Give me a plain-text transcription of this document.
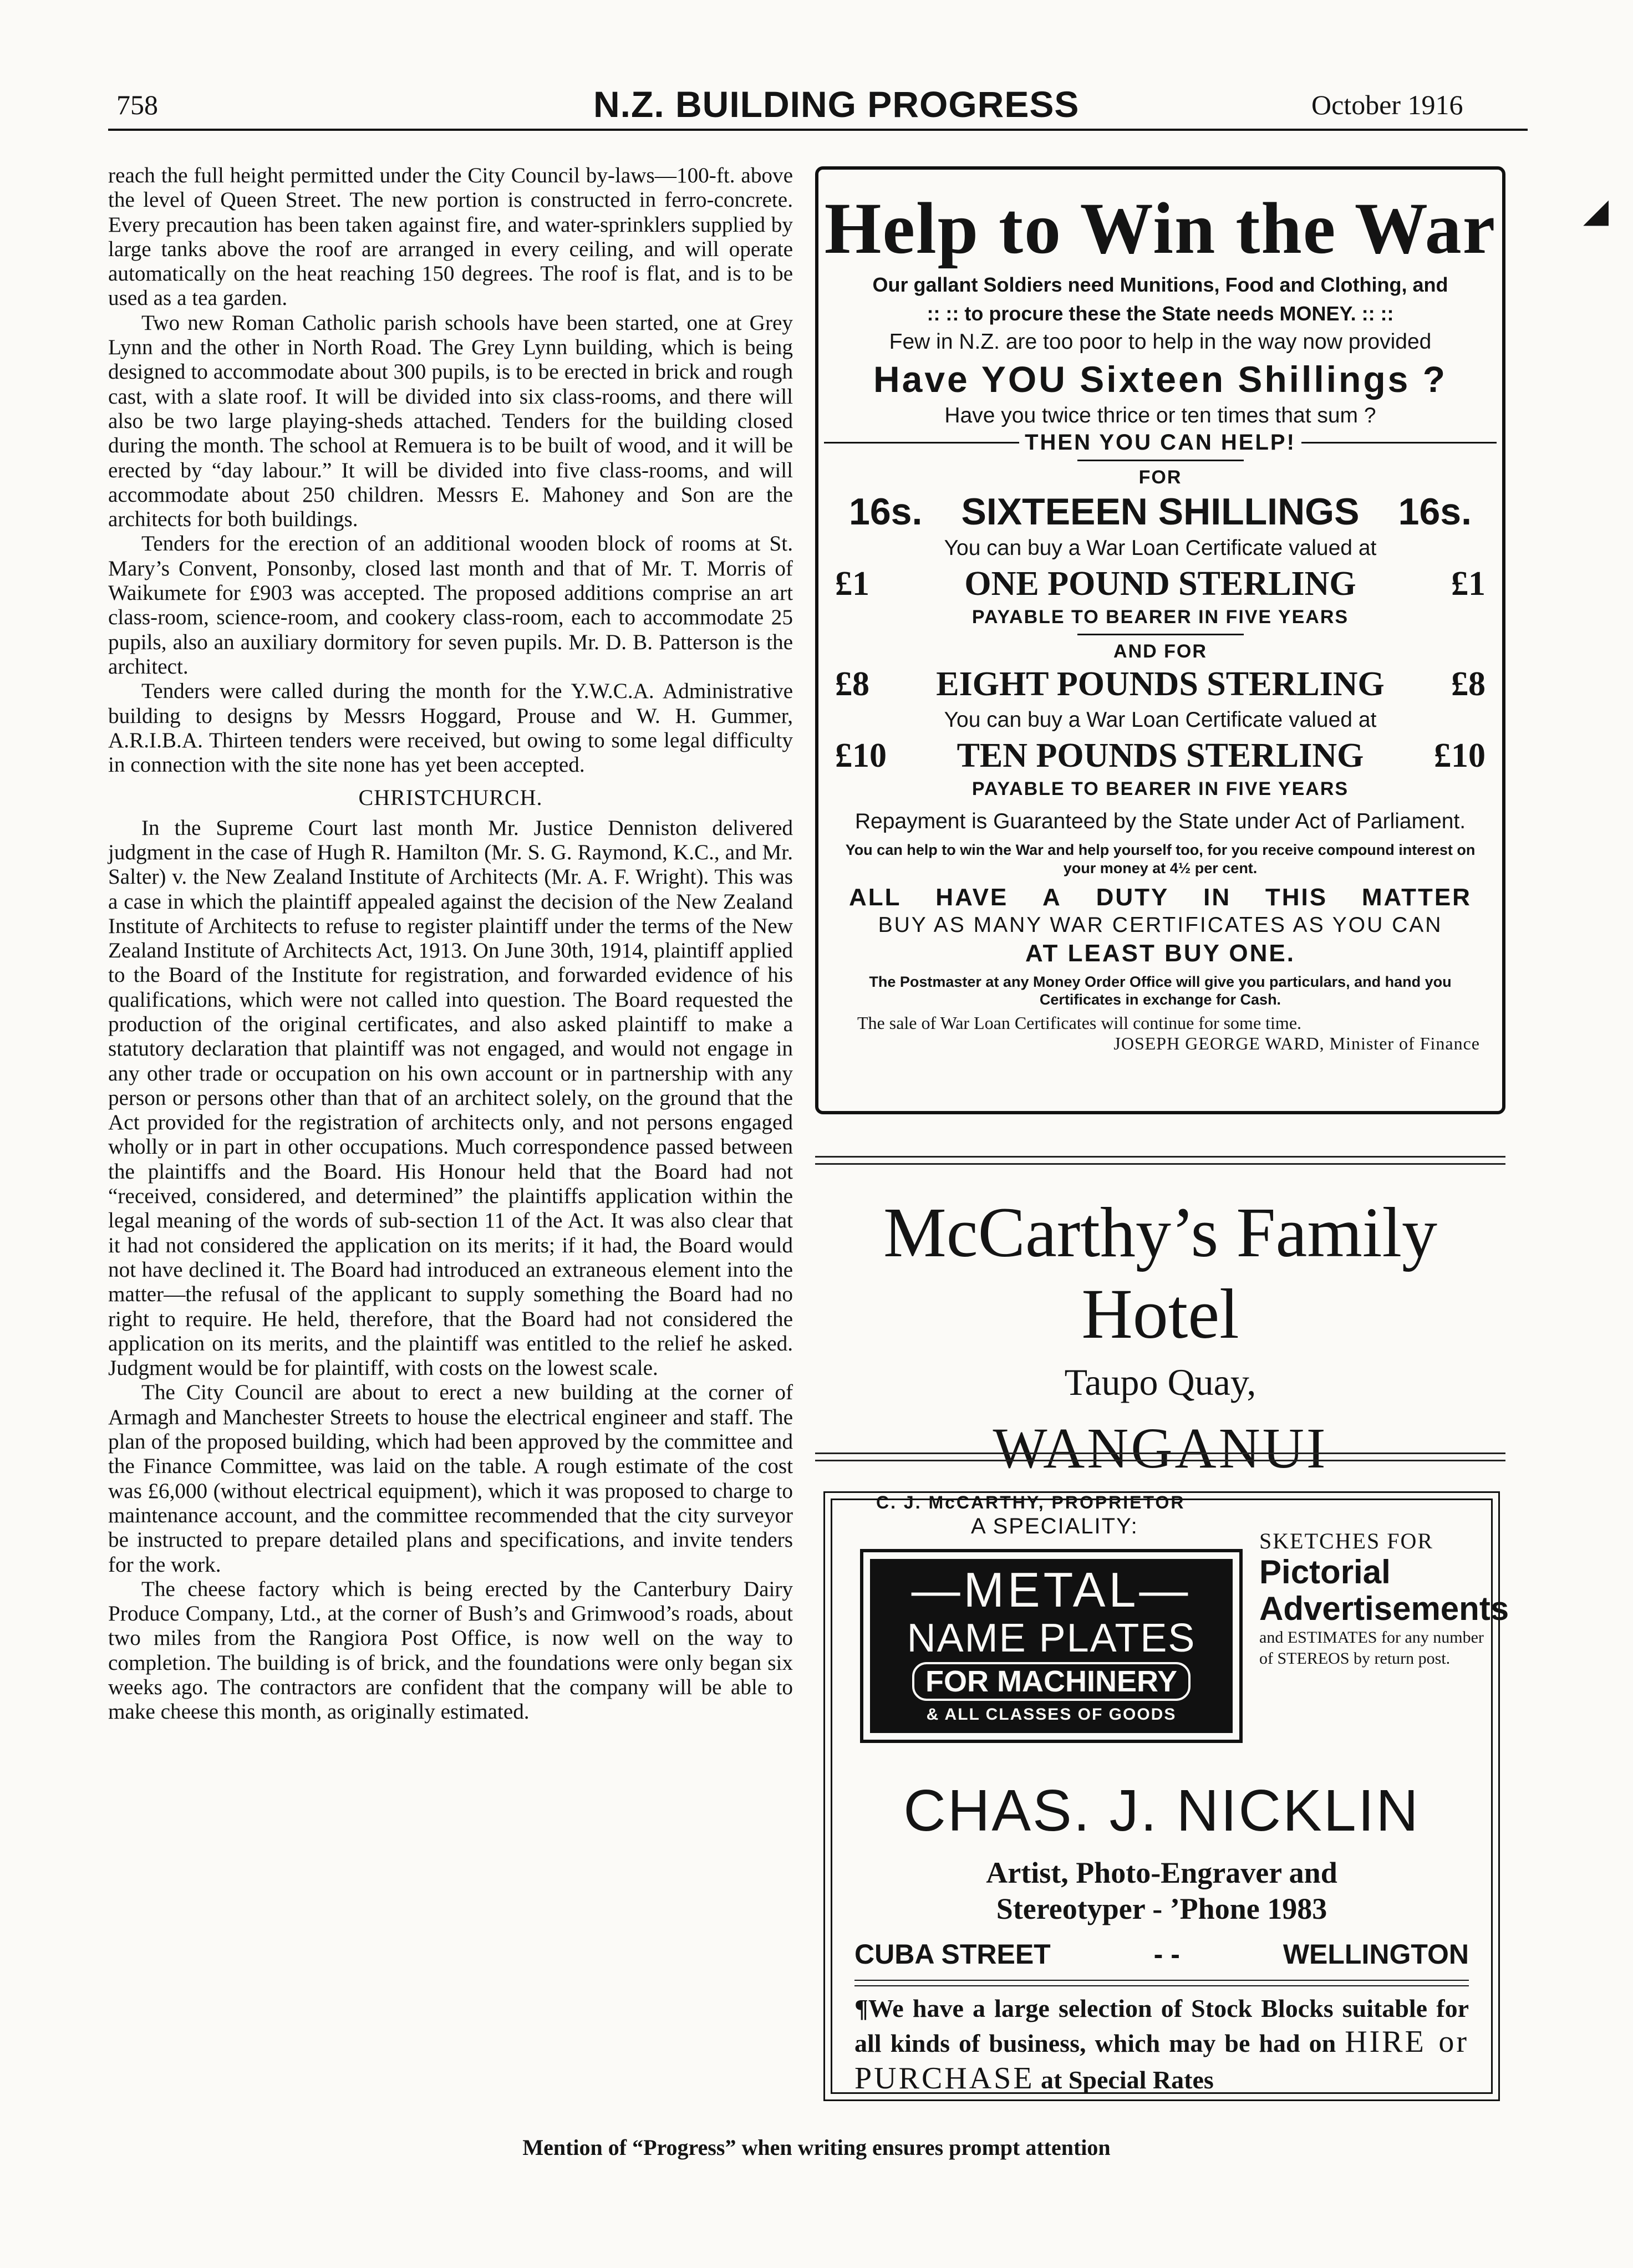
758	N.Z. BUILDING PROGRESS	October 1916
◢

reach the full height permitted under the City Council by-laws—100-ft. above the level of Queen Street. The new portion is constructed in ferro-concrete. Every precaution has been taken against fire, and water-sprinklers supplied by large tanks above the roof are arranged in every ceiling, and will operate automatically on the heat reaching 150 degrees. The roof is flat, and is to be used as a tea garden.

Two new Roman Catholic parish schools have been started, one at Grey Lynn and the other in North Road. The Grey Lynn building, which is being designed to accommodate about 300 pupils, is to be erected in brick and rough cast, with a slate roof. It will be divided into six class-rooms, and there will also be two large playing-sheds attached. Tenders for the building closed during the month. The school at Remuera is to be built of wood, and it will be erected by “day labour.” It will be divided into five class-rooms, and will accommodate about 250 children. Messrs E. Mahoney and Son are the architects for both buildings.

Tenders for the erection of an additional wooden block of rooms at St. Mary’s Convent, Ponsonby, closed last month and that of Mr. T. Morris of Waikumete for £903 was accepted. The proposed additions comprise an art class-room, science-room, and cookery class-room, each to accommodate 25 pupils, also an auxiliary dormitory for seven pupils. Mr. D. B. Patterson is the architect.

Tenders were called during the month for the Y.W.C.A. Administrative building to designs by Messrs Hoggard, Prouse and W. H. Gummer, A.R.I.B.A. Thirteen tenders were received, but owing to some legal difficulty in connection with the site none has yet been accepted.

CHRISTCHURCH.

In the Supreme Court last month Mr. Justice Denniston delivered judgment in the case of Hugh R. Hamilton (Mr. S. G. Raymond, K.C., and Mr. Salter) v. the New Zealand Institute of Architects (Mr. A. F. Wright). This was a case in which the plaintiff appealed against the decision of the New Zealand Institute of Architects to refuse to register plaintiff under the terms of the New Zealand Institute of Architects Act, 1913. On June 30th, 1914, plaintiff applied to the Board of the Institute for registration, and forwarded evidence of his qualifications, which were not called into question. The Board requested the production of the original certificates, and also asked plaintiff to make a statutory declaration that plaintiff was not engaged, and would not engage in any other trade or occupation on his own account or in partnership with any person or persons other than that of an architect solely, on the ground that the Act provided for the registration of architects only, and not persons engaged wholly or in part in other occupations. Much correspondence passed between the plaintiffs and the Board. His Honour held that the Board had not “received, considered, and determined” the plaintiffs application within the legal meaning of the words of sub-section 11 of the Act. It was also clear that it had not considered the application on its merits; if it had, the Board would not have declined it. The Board had introduced an extraneous element into the matter—the refusal of the applicant to supply something the Board had no right to require. He held, therefore, that the Board had not considered the application on its merits, and the plaintiff was entitled to the relief he asked. Judgment would be for plaintiff, with costs on the lowest scale.

The City Council are about to erect a new building at the corner of Armagh and Manchester Streets to house the electrical engineer and staff. The plan of the proposed building, which had been approved by the committee and the Finance Committee, was laid on the table. A rough estimate of the cost was £6,000 (without electrical equipment), which it was proposed to charge to maintenance account, and the committee recommended that the city surveyor be instructed to prepare detailed plans and specifications, and invite tenders for the work.

The cheese factory which is being erected by the Canterbury Dairy Produce Company, Ltd., at the corner of Bush’s and Grimwood’s roads, about two miles from the Rangiora Post Office, is now well on the way to completion. The building is of brick, and the foundations were only began six weeks ago. The contractors are confident that the company will be able to make cheese this month, as originally estimated.

Help to Win the War
Our gallant Soldiers need Munitions, Food and Clothing, and
:: :: to procure these the State needs MONEY. :: ::
Few in N.Z. are too poor to help in the way now provided
Have YOU Sixteen Shillings ?
Have you twice thrice or ten times that sum ?
THEN YOU CAN HELP!
FOR
16s. SIXTEEEN SHILLINGS 16s.
You can buy a War Loan Certificate valued at
£1	ONE POUND STERLING	£1
PAYABLE TO BEARER IN FIVE YEARS
AND FOR
£8 EIGHT POUNDS STERLING £8
You can buy a War Loan Certificate valued at
£10 TEN POUNDS STERLING £10
PAYABLE TO BEARER IN FIVE YEARS
Repayment is Guaranteed by the State under Act of Parliament.
You can help to win the War and help yourself too, for you receive compound interest on your money at 4½ per cent.
ALL HAVE A DUTY IN THIS MATTER
BUY AS MANY WAR CERTIFICATES AS YOU CAN
AT LEAST BUY ONE.
The Postmaster at any Money Order Office will give you particulars, and hand you Certificates in exchange for Cash.
The sale of War Loan Certificates will continue for some time.
JOSEPH GEORGE WARD, Minister of Finance
McCarthy’s Family Hotel
Taupo Quay,
WANGANUI
C. J. McCARTHY, PROPRIETOR
A SPECIALITY:
—METAL—
NAME PLATES
FOR MACHINERY
& ALL CLASSES OF GOODS
SKETCHES FOR
Pictorial
Advertisements
and ESTIMATES for any number of STEREOS by return post.
CHAS. J. NICKLIN
Artist, Photo-Engraver and
Stereotyper - ’Phone 1983
CUBA STREET	- -	WELLINGTON
¶We have a large selection of Stock Blocks suitable for all kinds of business, which may be had on HIRE or PURCHASE at Special Rates
Mention of “Progress” when writing ensures prompt attention
